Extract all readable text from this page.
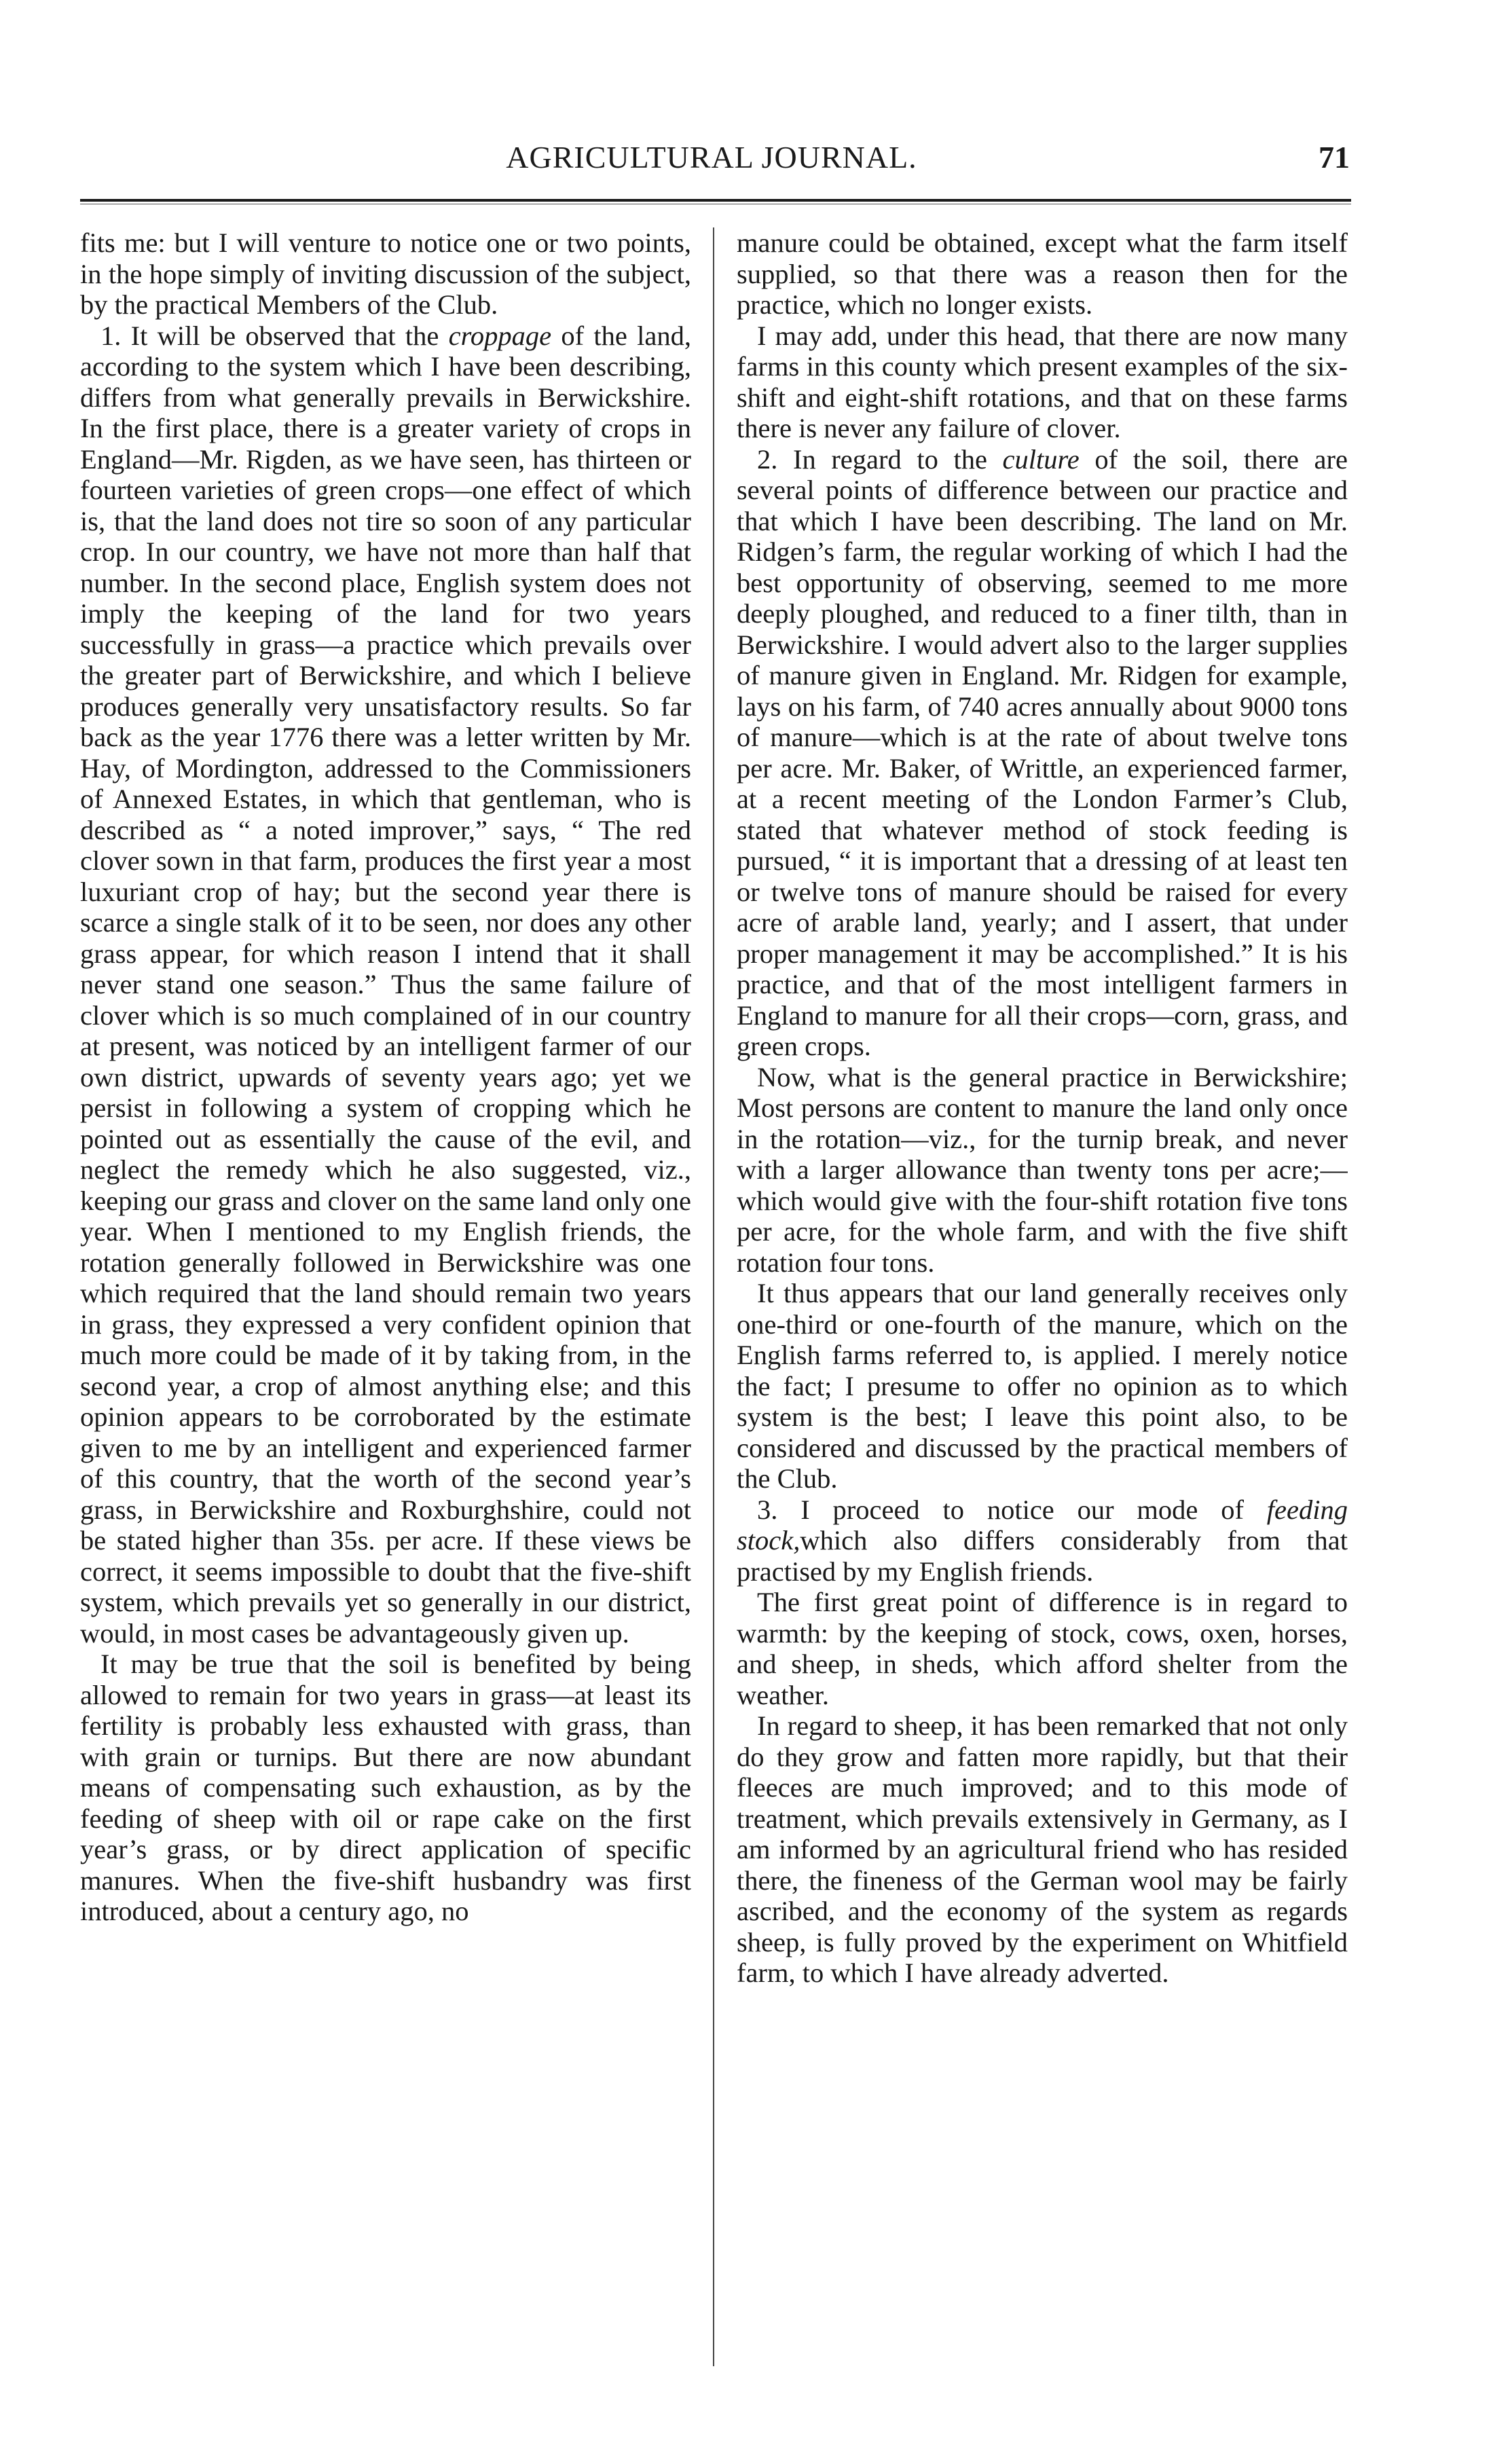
AGRICULTURAL JOURNAL.	71

fits me: but I will venture to notice one or two points, in the hope simply of inviting discussion of the subject, by the practical Members of the Club.

1. It will be observed that the croppage of the land, according to the system which I have been describing, differs from what generally prevails in Berwickshire. In the first place, there is a greater variety of crops in England—Mr. Rigden, as we have seen, has thirteen or fourteen varieties of green crops—one effect of which is, that the land does not tire so soon of any particular crop. In our country, we have not more than half that number. In the second place, English system does not imply the keeping of the land for two years successfully in grass—a practice which prevails over the greater part of Berwickshire, and which I believe produces generally very unsatisfactory results. So far back as the year 1776 there was a letter written by Mr. Hay, of Mordington, addressed to the Commissioners of Annexed Estates, in which that gentleman, who is described as “ a noted improver,” says, “ The red clover sown in that farm, produces the first year a most luxuriant crop of hay; but the second year there is scarce a single stalk of it to be seen, nor does any other grass appear, for which reason I intend that it shall never stand one season.” Thus the same failure of clover which is so much complained of in our country at present, was noticed by an intelligent farmer of our own district, upwards of seventy years ago; yet we persist in following a system of cropping which he pointed out as essentially the cause of the evil, and neglect the remedy which he also suggested, viz., keeping our grass and clover on the same land only one year. When I mentioned to my English friends, the rotation generally followed in Berwickshire was one which required that the land should remain two years in grass, they expressed a very confident opinion that much more could be made of it by taking from, in the second year, a crop of almost anything else; and this opinion appears to be corroborated by the estimate given to me by an intelligent and experienced farmer of this country, that the worth of the second year’s grass, in Berwickshire and Roxburghshire, could not be stated higher than 35s. per acre. If these views be correct, it seems impossible to doubt that the five-shift system, which prevails yet so generally in our district, would, in most cases be advantageously given up.

It may be true that the soil is benefited by being allowed to remain for two years in grass—at least its fertility is probably less exhausted with grass, than with grain or turnips. But there are now abundant means of compensating such exhaustion, as by the feeding of sheep with oil or rape cake on the first year’s grass, or by direct application of specific manures. When the five-shift husbandry was first introduced, about a century ago, no

manure could be obtained, except what the farm itself supplied, so that there was a reason then for the practice, which no longer exists.

I may add, under this head, that there are now many farms in this county which present examples of the six-shift and eight-shift rotations, and that on these farms there is never any failure of clover.

2. In regard to the culture of the soil, there are several points of difference between our practice and that which I have been describing. The land on Mr. Ridgen’s farm, the regular working of which I had the best opportunity of observing, seemed to me more deeply ploughed, and reduced to a finer tilth, than in Berwickshire. I would advert also to the larger supplies of manure given in England. Mr. Ridgen for example, lays on his farm, of 740 acres annually about 9000 tons of manure—which is at the rate of about twelve tons per acre. Mr. Baker, of Writtle, an experienced farmer, at a recent meeting of the London Farmer’s Club, stated that whatever method of stock feeding is pursued, “ it is important that a dressing of at least ten or twelve tons of manure should be raised for every acre of arable land, yearly; and I assert, that under proper management it may be accomplished.” It is his practice, and that of the most intelligent farmers in England to manure for all their crops—corn, grass, and green crops.

Now, what is the general practice in Berwickshire; Most persons are content to manure the land only once in the rotation—viz., for the turnip break, and never with a larger allowance than twenty tons per acre;—which would give with the four-shift rotation five tons per acre, for the whole farm, and with the five shift rotation four tons.

It thus appears that our land generally receives only one-third or one-fourth of the manure, which on the English farms referred to, is applied. I merely notice the fact; I presume to offer no opinion as to which system is the best; I leave this point also, to be considered and discussed by the practical members of the Club.

3. I proceed to notice our mode of feeding stock,which also differs considerably from that practised by my English friends.

The first great point of difference is in regard to warmth: by the keeping of stock, cows, oxen, horses, and sheep, in sheds, which afford shelter from the weather.

In regard to sheep, it has been remarked that not only do they grow and fatten more rapidly, but that their fleeces are much improved; and to this mode of treatment, which prevails extensively in Germany, as I am informed by an agricultural friend who has resided there, the fineness of the German wool may be fairly ascribed, and the economy of the system as regards sheep, is fully proved by the experiment on Whitfield farm, to which I have already adverted.
